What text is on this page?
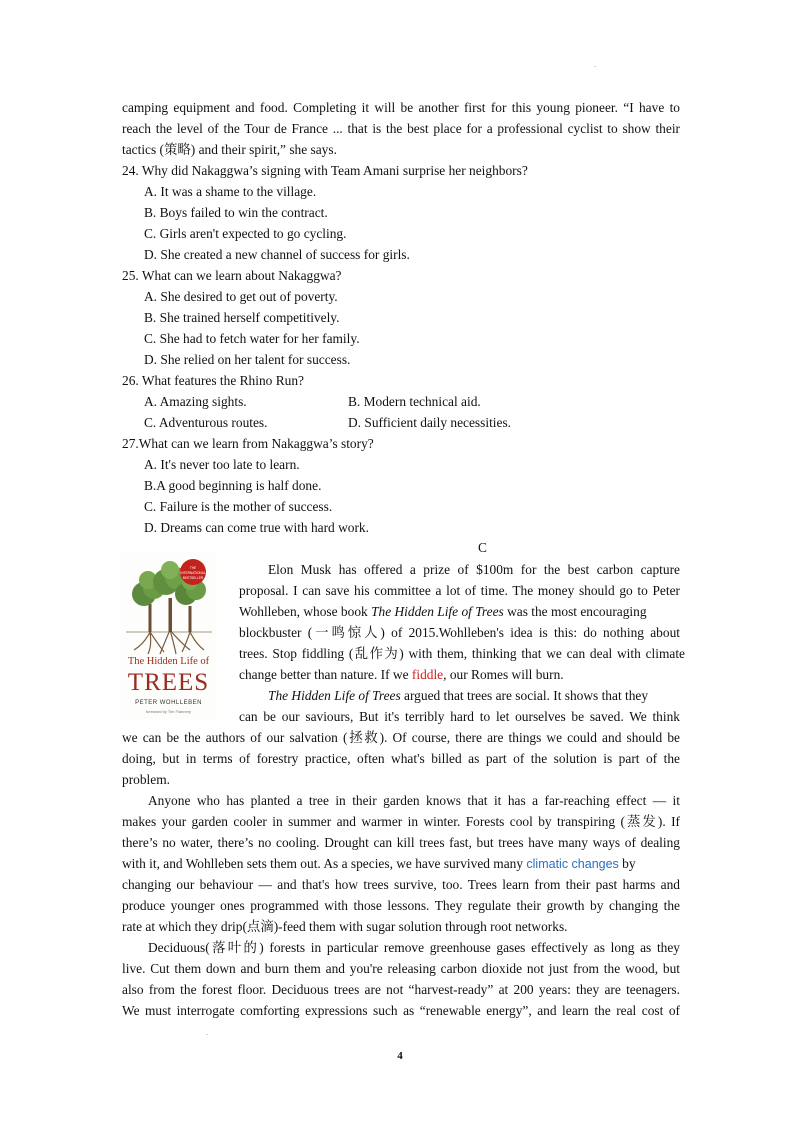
.
camping equipment and food. Completing it will be another first for this young pioneer. “I have to
reach the level of the Tour de France ... that is the best place for a professional cyclist to show their
tactics (策略) and their spirit,” she says.
24. Why did Nakaggwa’s signing with Team Amani surprise her neighbors?
A. It was a shame to the village.
B. Boys failed to win the contract.
C. Girls aren't expected to go cycling.
D. She created a new channel of success for girls.
25. What can we learn about Nakaggwa?
A. She desired to get out of poverty.
B. She trained herself competitively.
C. She had to fetch water for her family.
D. She relied on her talent for success.
26. What features the Rhino Run?
A. Amazing sights.	B. Modern technical aid.
C. Adventurous routes.	D. Sufficient daily necessities.
27.What can we learn from Nakaggwa’s story?
A. It's never too late to learn.
B.A good beginning is half done.
C. Failure is the mother of success.
D. Dreams can come true with hard work.
C
THE INTERNATIONAL BESTSELLER
The Hidden Life of
TREES
PETER WOHLLEBEN
foreword by Tim Flannery
Elon Musk has offered a prize of $100m for the best carbon capture
proposal. I can save his committee a lot of time. The money should go to Peter
Wohlleben, whose book The Hidden Life of Trees was the most encouraging
blockbuster (一鸣惊人) of 2015.Wohlleben's idea is this: do nothing about
trees. Stop fiddling (乱作为) with them, thinking that we can deal with climate
change better than nature. If we fiddle, our Romes will burn.
The Hidden Life of Trees argued that trees are social. It shows that they
can be our saviours, But it's terribly hard to let ourselves be saved. We think
we can be the authors of our salvation (拯救). Of course, there are things we could and should be
doing, but in terms of forestry practice, often what's billed as part of the solution is part of the
problem.
Anyone who has planted a tree in their garden knows that it has a far-reaching effect — it
makes your garden cooler in summer and warmer in winter. Forests cool by transpiring (蒸发). If
there’s no water, there’s no cooling. Drought can kill trees fast, but trees have many ways of dealing
with it, and Wohlleben sets them out. As a species, we have survived many climatic changes by
changing our behaviour — and that's how trees survive, too. Trees learn from their past harms and
produce younger ones programmed with those lessons. They regulate their growth by changing the
rate at which they drip(点滴)-feed them with sugar solution through root networks.
Deciduous(落叶的) forests in particular remove greenhouse gases effectively as long as they
live. Cut them down and burn them and you're releasing carbon dioxide not just from the wood, but
also from the forest floor. Deciduous trees are not “harvest-ready” at 200 years: they are teenagers.
We must interrogate comforting expressions such as “renewable energy”, and learn the real cost of
.
4
